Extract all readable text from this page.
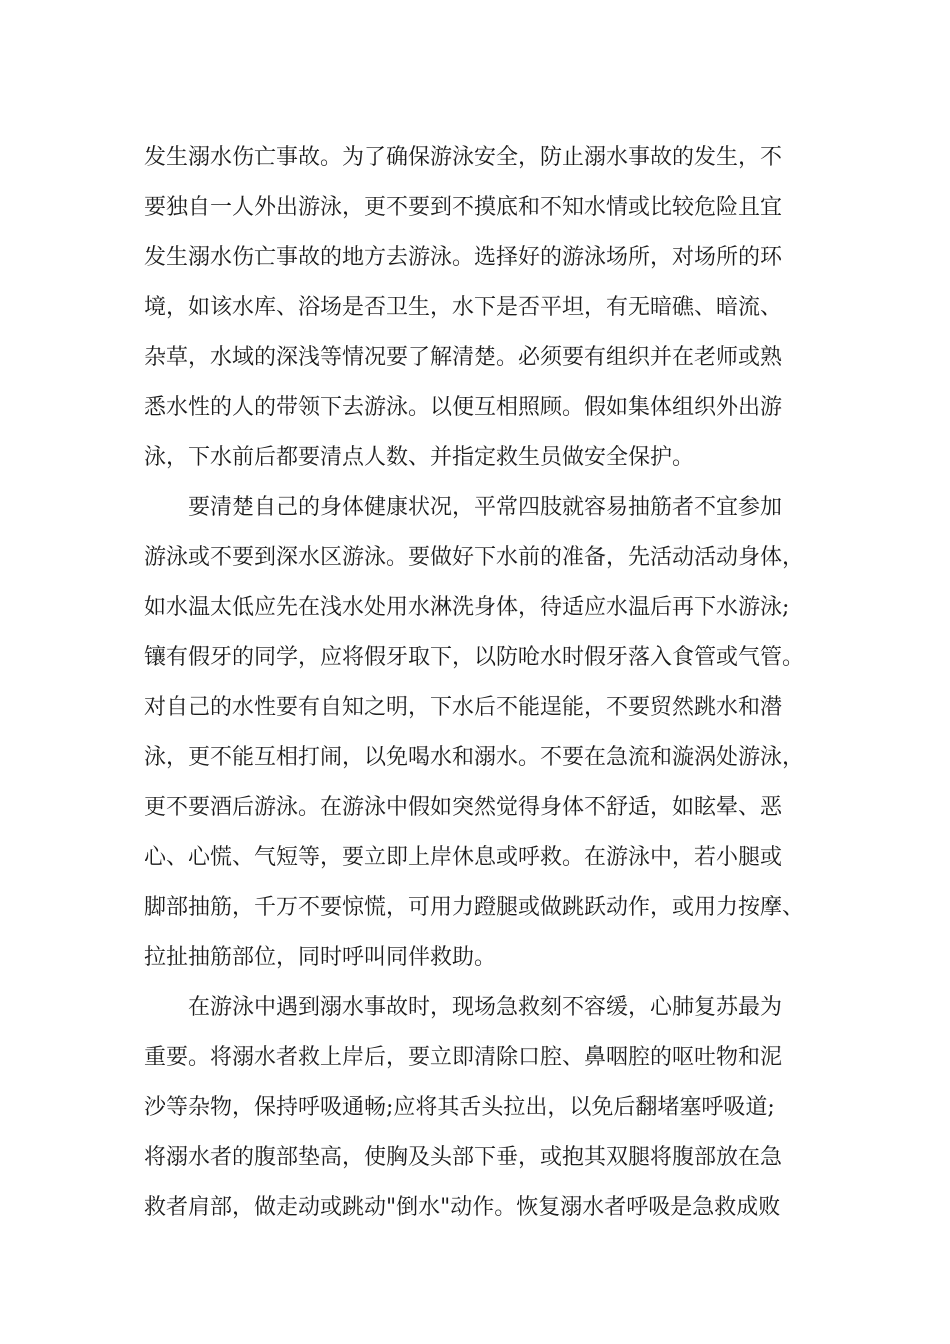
发生溺水伤亡事故。为了确保游泳安全，防止溺水事故的发生，不
要独自一人外出游泳，更不要到不摸底和不知水情或比较危险且宜
发生溺水伤亡事故的地方去游泳。选择好的游泳场所，对场所的环
境，如该水库、浴场是否卫生，水下是否平坦，有无暗礁、暗流、
杂草，水域的深浅等情况要了解清楚。必须要有组织并在老师或熟
悉水性的人的带领下去游泳。以便互相照顾。假如集体组织外出游
泳，下水前后都要清点人数、并指定救生员做安全保护。
要清楚自己的身体健康状况，平常四肢就容易抽筋者不宜参加
游泳或不要到深水区游泳。要做好下水前的准备，先活动活动身体，
如水温太低应先在浅水处用水淋洗身体，待适应水温后再下水游泳;
镶有假牙的同学，应将假牙取下，以防呛水时假牙落入食管或气管。
对自己的水性要有自知之明，下水后不能逞能，不要贸然跳水和潜
泳，更不能互相打闹，以免喝水和溺水。不要在急流和漩涡处游泳，
更不要酒后游泳。在游泳中假如突然觉得身体不舒适，如眩晕、恶
心、心慌、气短等，要立即上岸休息或呼救。在游泳中，若小腿或
脚部抽筋，千万不要惊慌，可用力蹬腿或做跳跃动作，或用力按摩、
拉扯抽筋部位，同时呼叫同伴救助。
在游泳中遇到溺水事故时，现场急救刻不容缓，心肺复苏最为
重要。将溺水者救上岸后，要立即清除口腔、鼻咽腔的呕吐物和泥
沙等杂物，保持呼吸通畅;应将其舌头拉出，以免后翻堵塞呼吸道;
将溺水者的腹部垫高，使胸及头部下垂，或抱其双腿将腹部放在急
救者肩部，做走动或跳动"倒水"动作。恢复溺水者呼吸是急救成败
